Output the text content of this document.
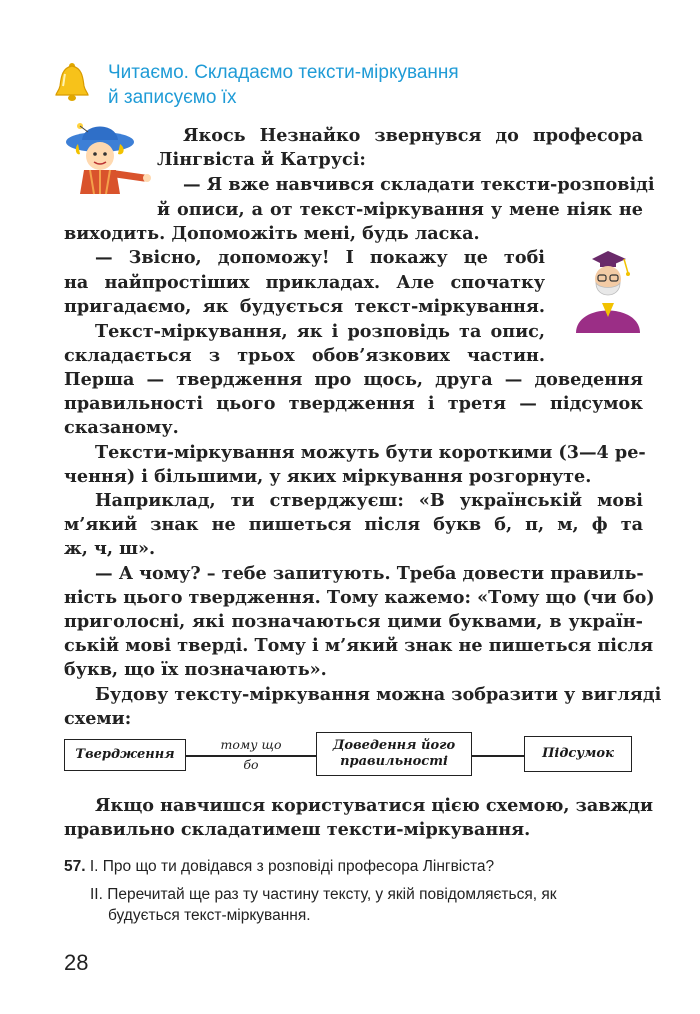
Читаємо. Складаємо тексти-міркування
й записуємо їх
Якось Незнайко звернувся до професора
Лінгвіста й Катрусі:
— Я вже навчився складати тексти-розповіді
й описи, а от текст-міркування у мене ніяк не
виходить. Допоможіть мені, будь ласка.
— Звісно, допоможу! І покажу це тобі
на найпростіших прикладах. Але спочатку
пригадаємо, як будується текст-міркування.
Текст-міркування, як і розповідь та опис,
складається з трьох обов’язкових частин.
Перша — твердження про щось, друга — доведення
правильності цього твердження і третя — підсумок
сказаному.
Тексти-міркування можуть бути короткими (3—4 ре-
чення) і більшими, у яких міркування розгорнуте.
Наприклад, ти стверджуєш: «В українській мові
м’який знак не пишеться після букв б, п, м, ф та
ж, ч, ш».
— А чому? – тебе запитують. Треба довести правиль-
ність цього твердження. Тому кажемо: «Тому що (чи бо)
приголосні, які позначаються цими буквами, в україн-
ській мові тверді. Тому і м’який знак не пишеться після
букв, що їх позначають».
Будову тексту-міркування можна зобразити у вигляді
схеми:
Твердження
тому що
бо
Доведення його
правильності
Підсумок
Якщо навчишся користуватися цією схемою, завжди
правильно складатимеш тексти-міркування.
57. І. Про що ти довідався з розповіді професора Лінгвіста?
ІІ. Перечитай ще раз ту частину тексту, у якій повідомляється, як
будується текст-міркування.
28
